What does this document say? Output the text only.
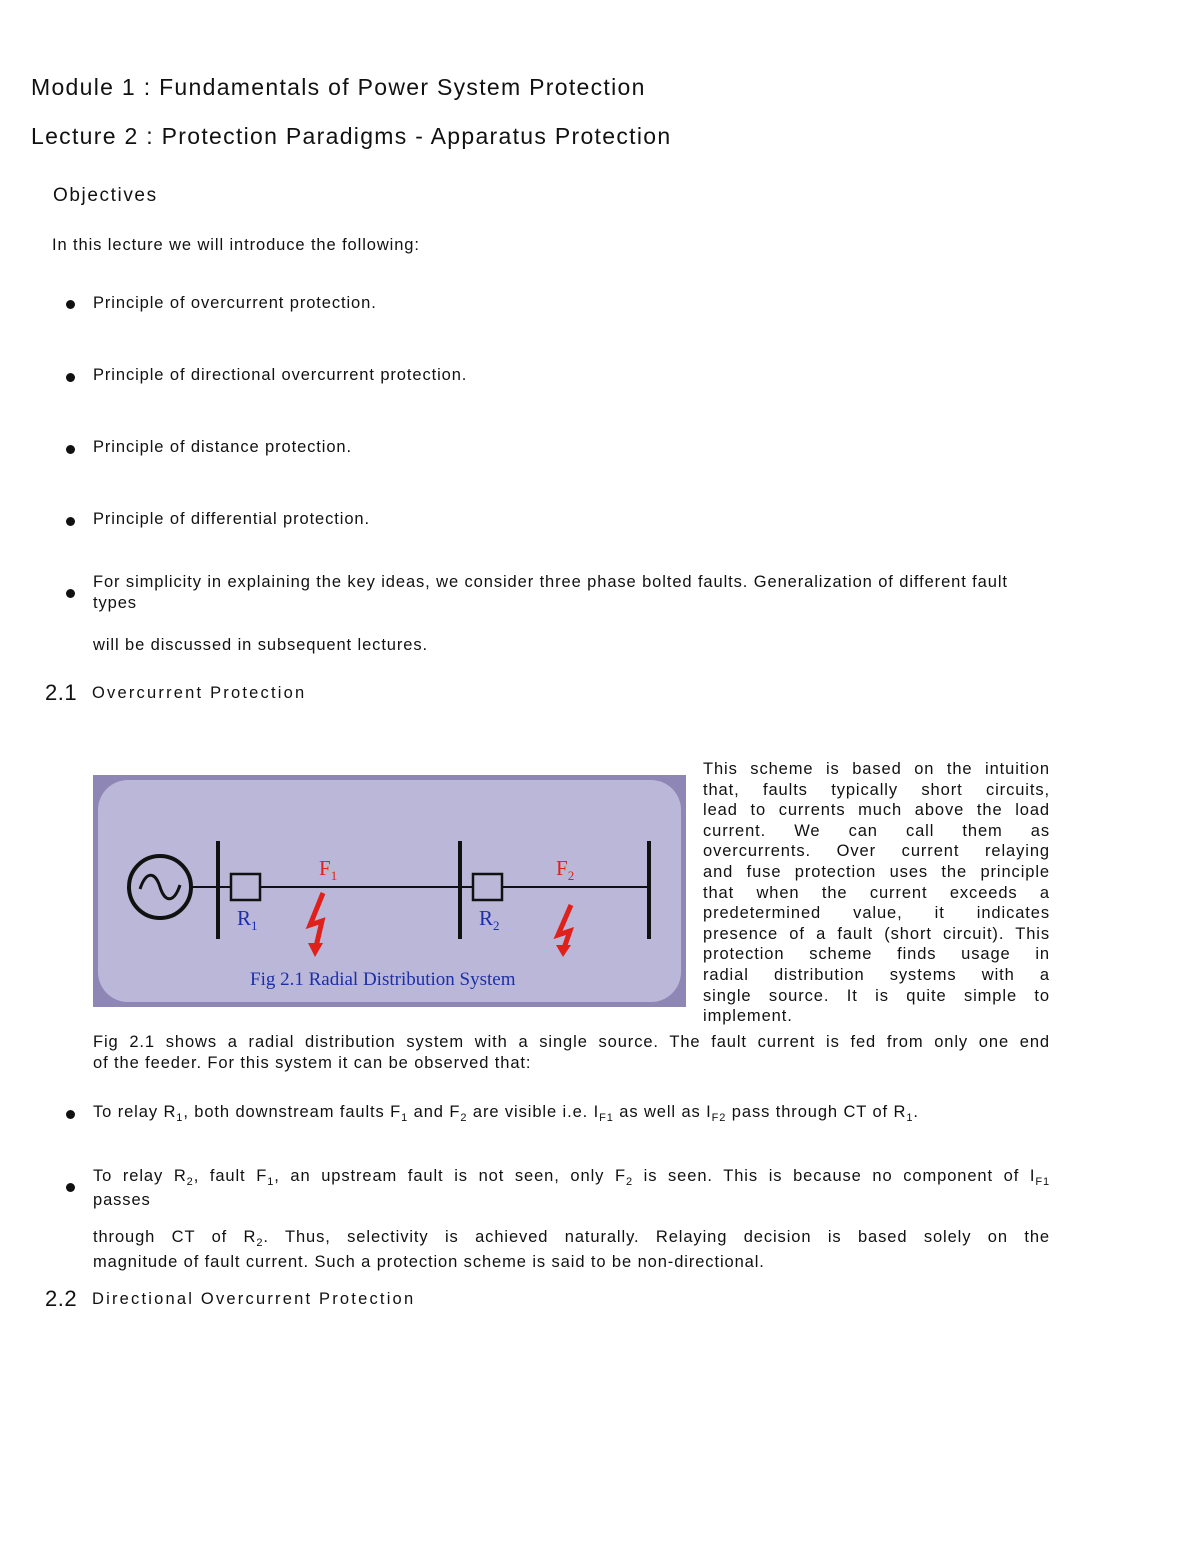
Module 1 : Fundamentals of Power System Protection
Lecture 2 : Protection Paradigms - Apparatus Protection
Objectives
In this lecture we will introduce the following:
Principle of overcurrent protection.
Principle of directional overcurrent protection.
Principle of distance protection.
Principle of differential protection.
For simplicity in explaining the key ideas, we consider three phase bolted faults. Generalization of different fault types
will be discussed in subsequent lectures.
2.1 Overcurrent Protection
$F_1$	$F_2$
$R_1$	$R_2$
Fig 2.1 Radial Distribution System
This scheme is based on the intuition
that, faults typically short circuits,
lead to currents much above the load
current. We can call them as
overcurrents. Over current relaying
and fuse protection uses the principle
that when the current exceeds a
predetermined value, it indicates
presence of a fault (short circuit). This
protection scheme finds usage in
radial distribution systems with a
single source. It is quite simple to
implement.
Fig 2.1 shows a radial distribution system with a single source. The fault current is fed from only one end
of the feeder. For this system it can be observed that:
To relay $R_1$, both downstream faults $F_1$ and $F_2$ are visible i.e. $I_{F1}$ as well as $I_{F2}$ pass through CT of $R_1$.
To relay $R_2$, fault $F_1$, an upstream fault is not seen, only $F_2$ is seen. This is because no component of $I_{F1}$
passes
through CT of $R_2$. Thus, selectivity is achieved naturally. Relaying decision is based solely on the
magnitude of fault current. Such a protection scheme is said to be non-directional.
2.2 Directional Overcurrent Protection
